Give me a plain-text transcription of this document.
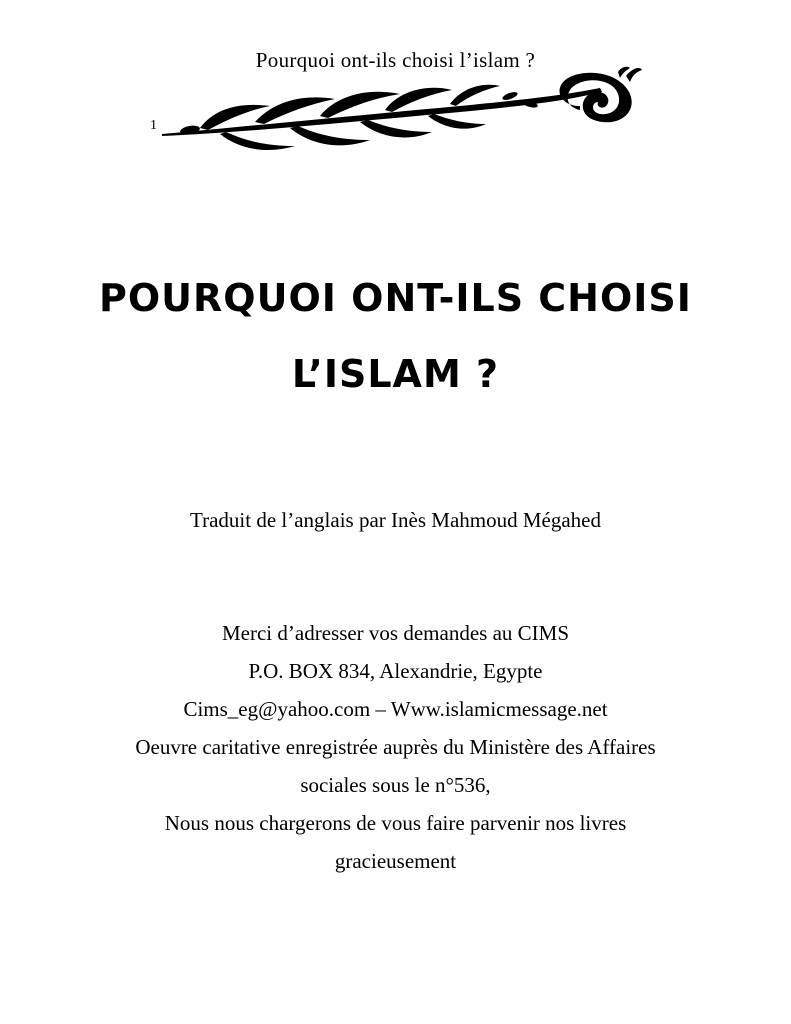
Pourquoi ont-ils choisi l’islam ?
1
POURQUOI ONT-ILS CHOISI
L’ISLAM ?
Traduit de l’anglais par Inès Mahmoud Mégahed
Merci d’adresser vos demandes au CIMS
P.O. BOX 834, Alexandrie, Egypte
Cims_eg@yahoo.com – Www.islamicmessage.net
Oeuvre caritative enregistrée auprès du Ministère des Affaires
sociales sous le n°536,
Nous nous chargerons de vous faire parvenir nos livres
gracieusement
